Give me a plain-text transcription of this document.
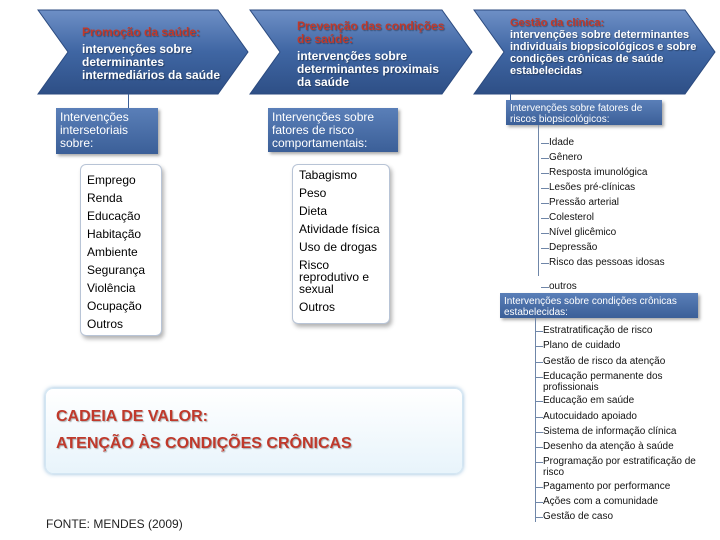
Promoção da saúde:
intervenções sobre determinantes intermediários da saúde
Prevenção das condições de saúde:
intervenções sobre determinantes proximais da saúde
Gestão da clínica:
intervenções sobre determinantes individuais biopsicológicos e sobre condições crônicas de saúde estabelecidas
Intervenções intersetoriais sobre:
Emprego
Renda
Educação
Habitação
Ambiente
Segurança
Violência
Ocupação
Outros
Intervenções sobre fatores de risco comportamentais:
Tabagismo
Peso
Dieta
Atividade física
Uso de drogas
Risco reprodutivo e sexual
Outros
Intervenções sobre fatores de riscos biopsicológicos:
Idade
Gênero
Resposta imunológica
Lesões pré-clínicas
Pressão arterial
Colesterol
Nível glicêmico
Depressão
Risco das pessoas idosas
outros
Intervenções sobre condições crônicas estabelecidas:
Estratratificação de risco
Plano de cuidado
Gestão de risco da atenção
Educação permanente dos profissionais
Educação em saúde
Autocuidado apoiado
Sistema de informação clínica
Desenho da atenção à saúde
Programação por estratificação de risco
Pagamento por performance
Ações com a comunidade
Gestão de caso
CADEIA DE VALOR:
ATENÇÃO ÀS CONDIÇÕES CRÔNICAS
FONTE: MENDES (2009)
